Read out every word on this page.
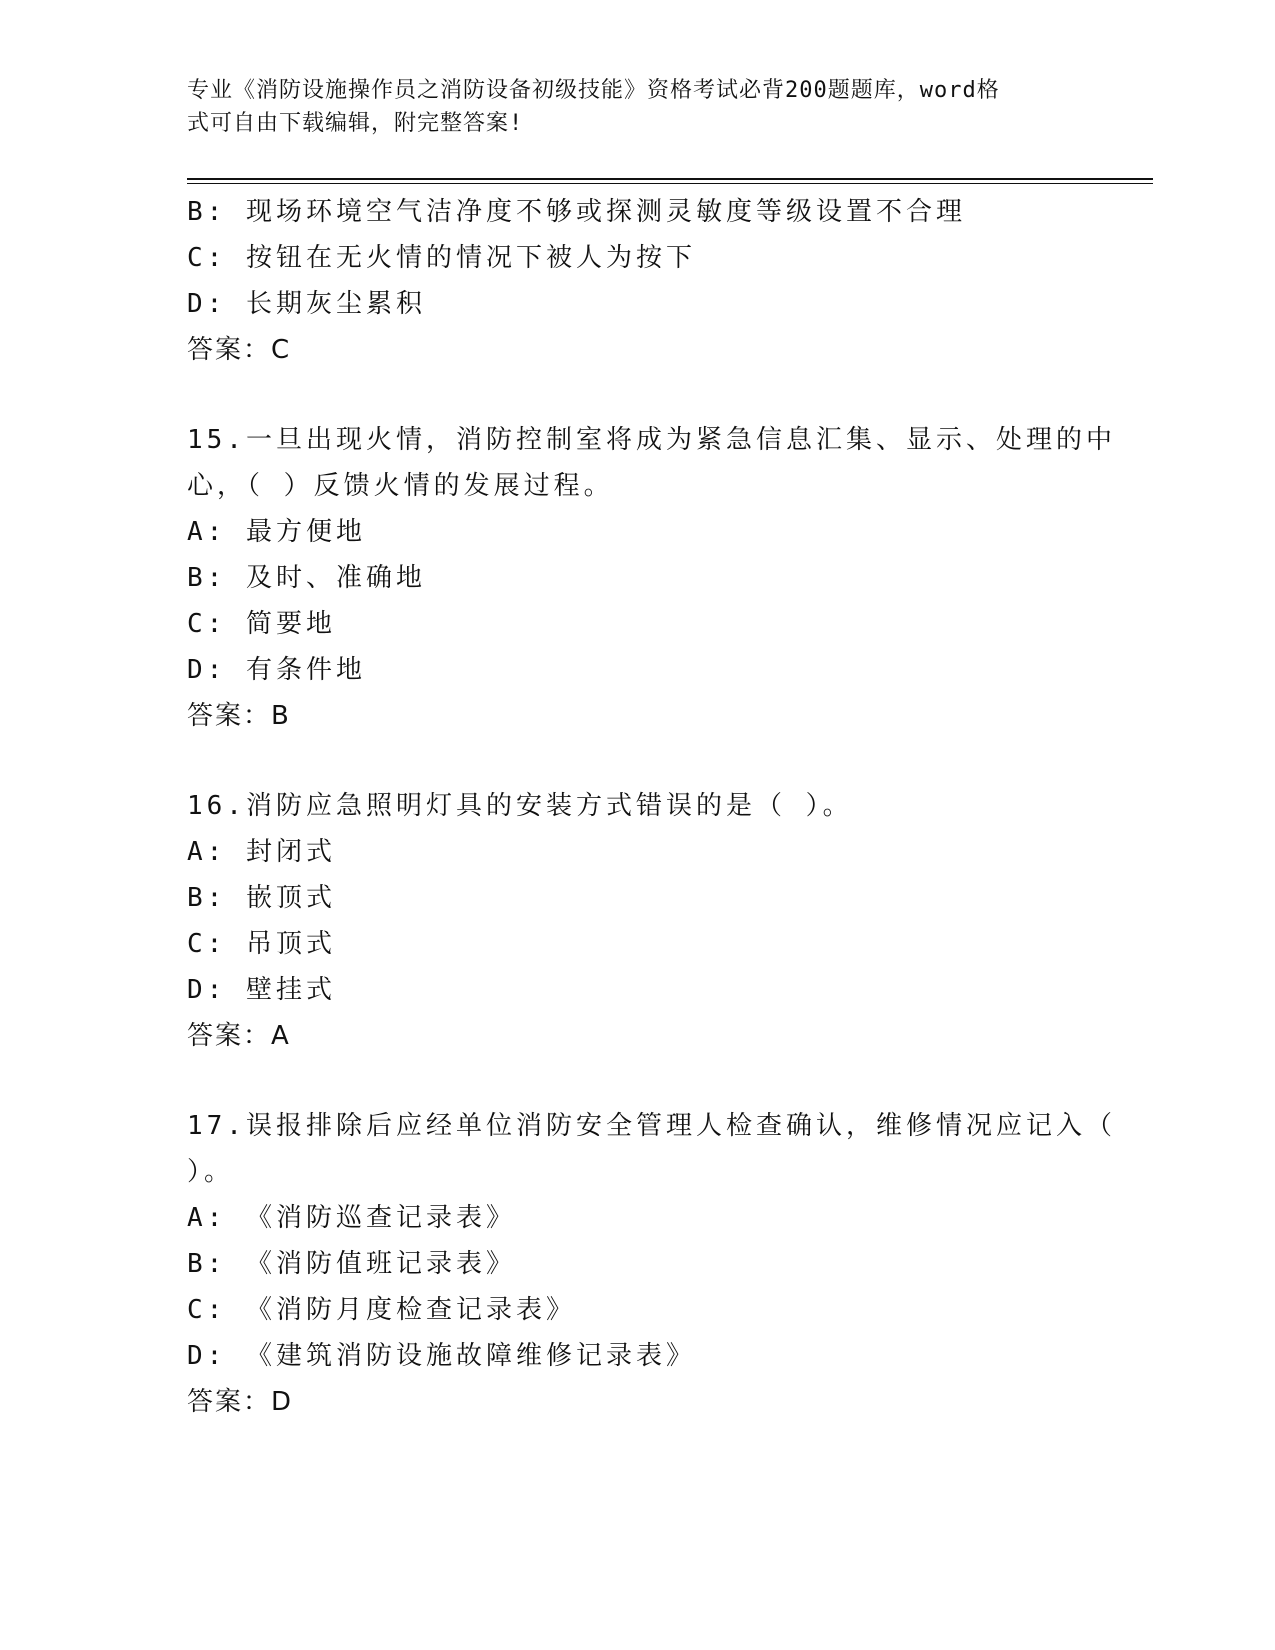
专业《消防设施操作员之消防设备初级技能》资格考试必背200题题库，word格
式可自由下载编辑，附完整答案!
B: 现场环境空气洁净度不够或探测灵敏度等级设置不合理
C: 按钮在无火情的情况下被人为按下
D: 长期灰尘累积
答案：C
15.一旦出现火情，消防控制室将成为紧急信息汇集、显示、处理的中
心，（ ）反馈火情的发展过程。
A: 最方便地
B: 及时、准确地
C: 简要地
D: 有条件地
答案：B
16.消防应急照明灯具的安装方式错误的是（ ）。
A: 封闭式
B: 嵌顶式
C: 吊顶式
D: 壁挂式
答案：A
17.误报排除后应经单位消防安全管理人检查确认，维修情况应记入（
）。
A: 《消防巡查记录表》
B: 《消防值班记录表》
C: 《消防月度检查记录表》
D: 《建筑消防设施故障维修记录表》
答案：D
